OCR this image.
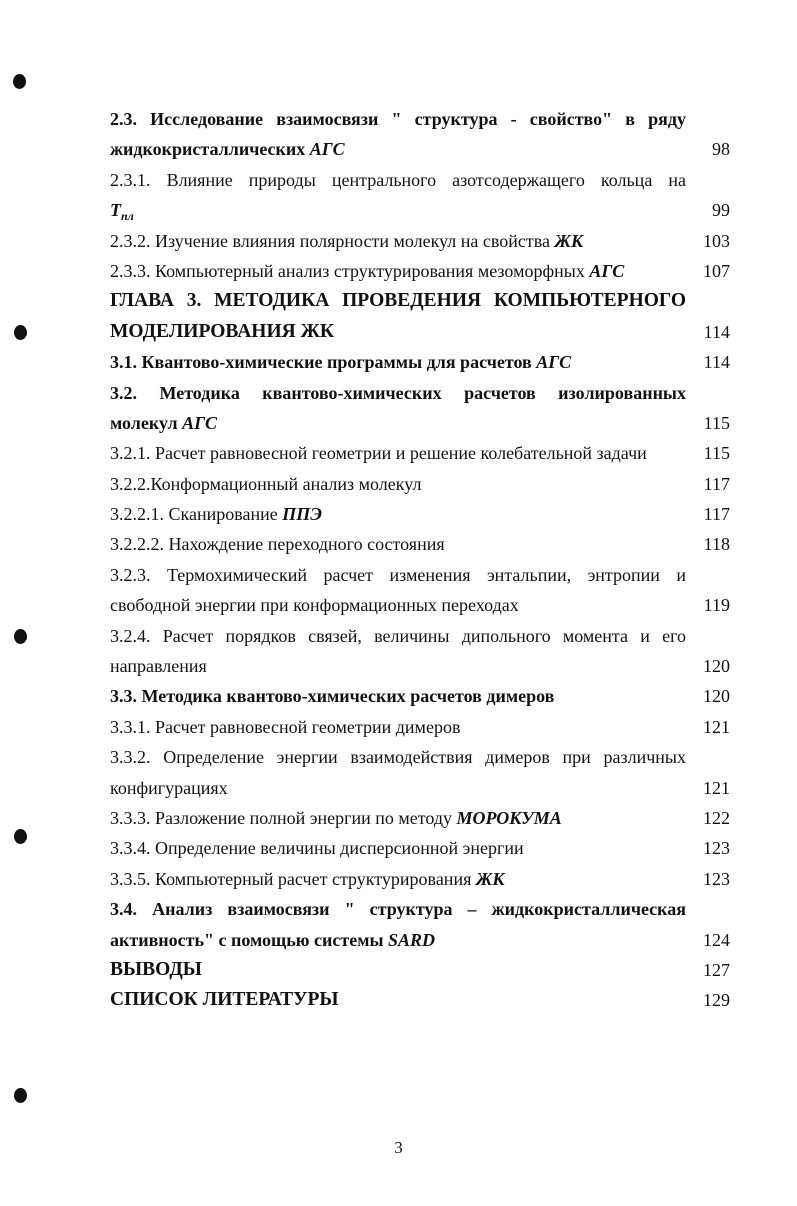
2.3. Исследование взаимосвязи " структура - свойство" в ряду
жидкокристаллических АГС	98
2.3.1. Влияние природы центрального азотсодержащего кольца на
$Т_{пл}$	99
2.3.2. Изучение влияния полярности молекул на свойства ЖК	103
2.3.3. Компьютерный анализ структурирования мезоморфных АГС	107
ГЛАВА 3. МЕТОДИКА ПРОВЕДЕНИЯ КОМПЬЮТЕРНОГО
МОДЕЛИРОВАНИЯ ЖК	114
3.1. Квантово-химические программы для расчетов АГС	114
3.2. Методика квантово-химических расчетов изолированных
молекул АГС	115
3.2.1. Расчет равновесной геометрии и решение колебательной задачи	115
3.2.2.Конформационный анализ молекул	117
3.2.2.1. Сканирование ППЭ	117
3.2.2.2. Нахождение переходного состояния	118
3.2.3. Термохимический расчет изменения энтальпии, энтропии и
свободной энергии при конформационных переходах	119
3.2.4. Расчет порядков связей, величины дипольного момента и его
направления	120
3.3. Методика квантово-химических расчетов димеров	120
3.3.1. Расчет равновесной геометрии димеров	121
3.3.2. Определение энергии взаимодействия димеров при различных
конфигурациях	121
3.3.3. Разложение полной энергии по методу МОРОКУМА	122
3.3.4. Определение величины дисперсионной энергии	123
3.3.5. Компьютерный расчет структурирования ЖК	123
3.4. Анализ взаимосвязи " структура – жидкокристаллическая
активность" с помощью системы SARD	124
ВЫВОДЫ	127
СПИСОК ЛИТЕРАТУРЫ	129
3
